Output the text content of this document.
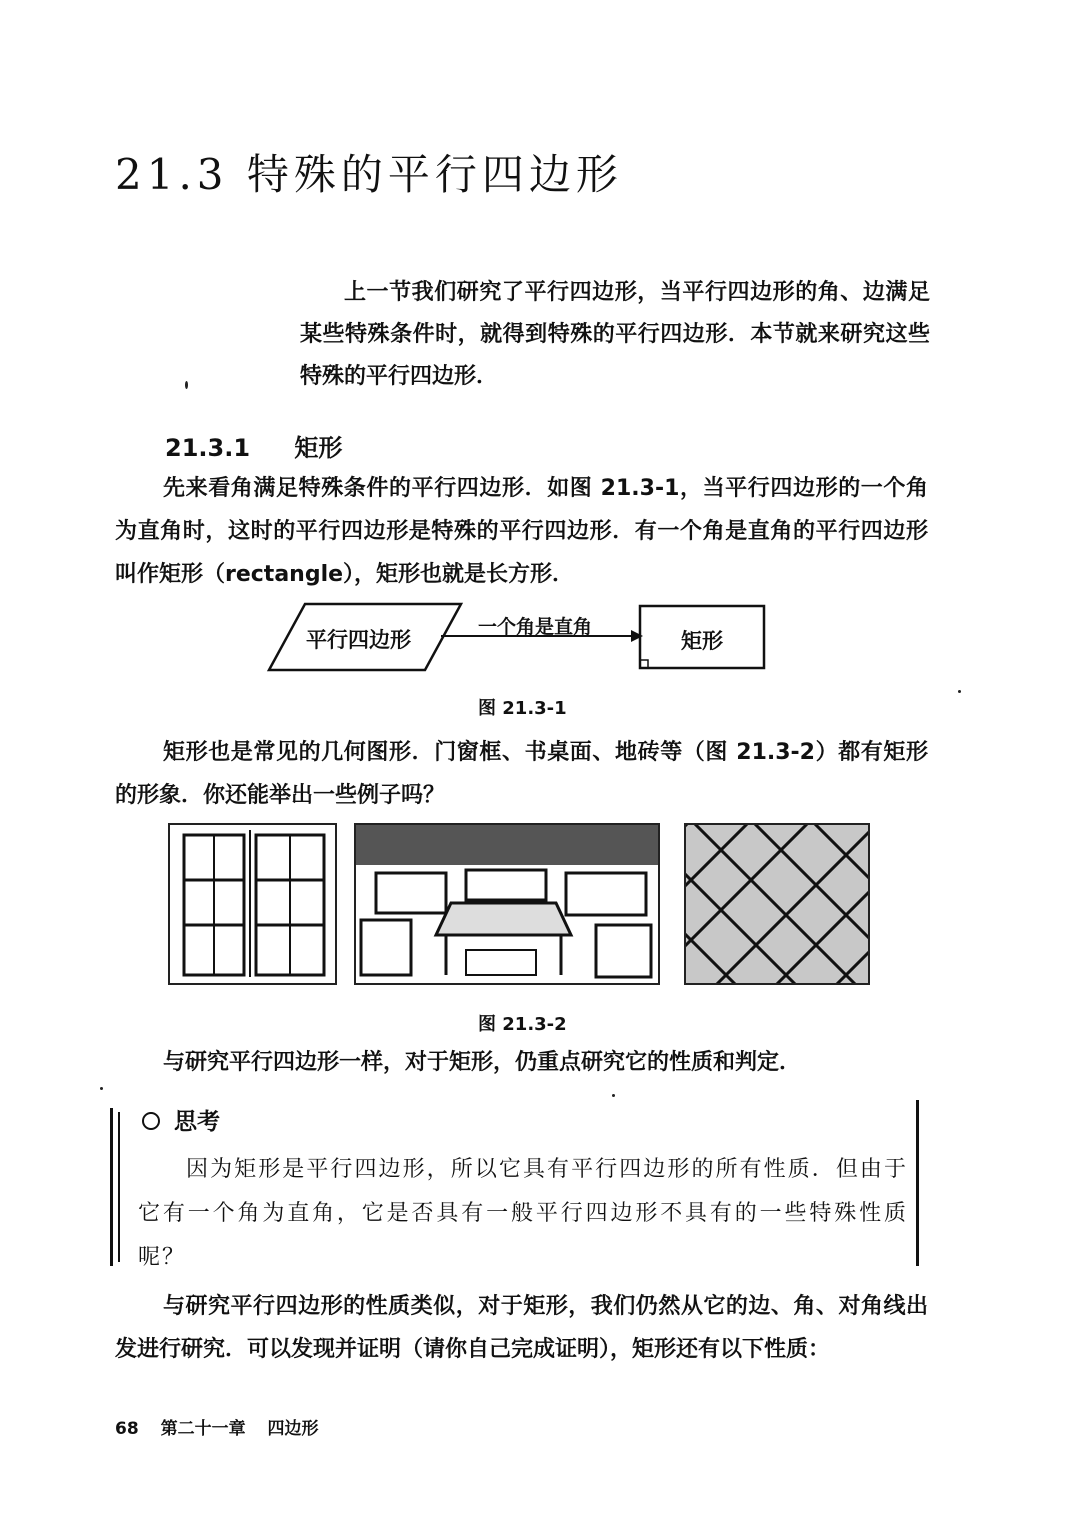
21.3 特殊的平行四边形
上一节我们研究了平行四边形，当平行四边形的角、边满足某些特殊条件时，就得到特殊的平行四边形．本节就来研究这些特殊的平行四边形．
21.3.1 矩形
先来看角满足特殊条件的平行四边形．如图 21.3-1，当平行四边形的一个角为直角时，这时的平行四边形是特殊的平行四边形．有一个角是直角的平行四边形叫作矩形（rectangle），矩形也就是长方形．
平行四边形
一个角是直角
矩形
图 21.3-1
矩形也是常见的几何图形．门窗框、书桌面、地砖等（图 21.3-2）都有矩形的形象．你还能举出一些例子吗？
图 21.3-2
与研究平行四边形一样，对于矩形，仍重点研究它的性质和判定．
思考
因为矩形是平行四边形，所以它具有平行四边形的所有性质．但由于它有一个角为直角，它是否具有一般平行四边形不具有的一些特殊性质呢？
与研究平行四边形的性质类似，对于矩形，我们仍然从它的边、角、对角线出发进行研究．可以发现并证明（请你自己完成证明），矩形还有以下性质：
68 第二十一章 四边形
